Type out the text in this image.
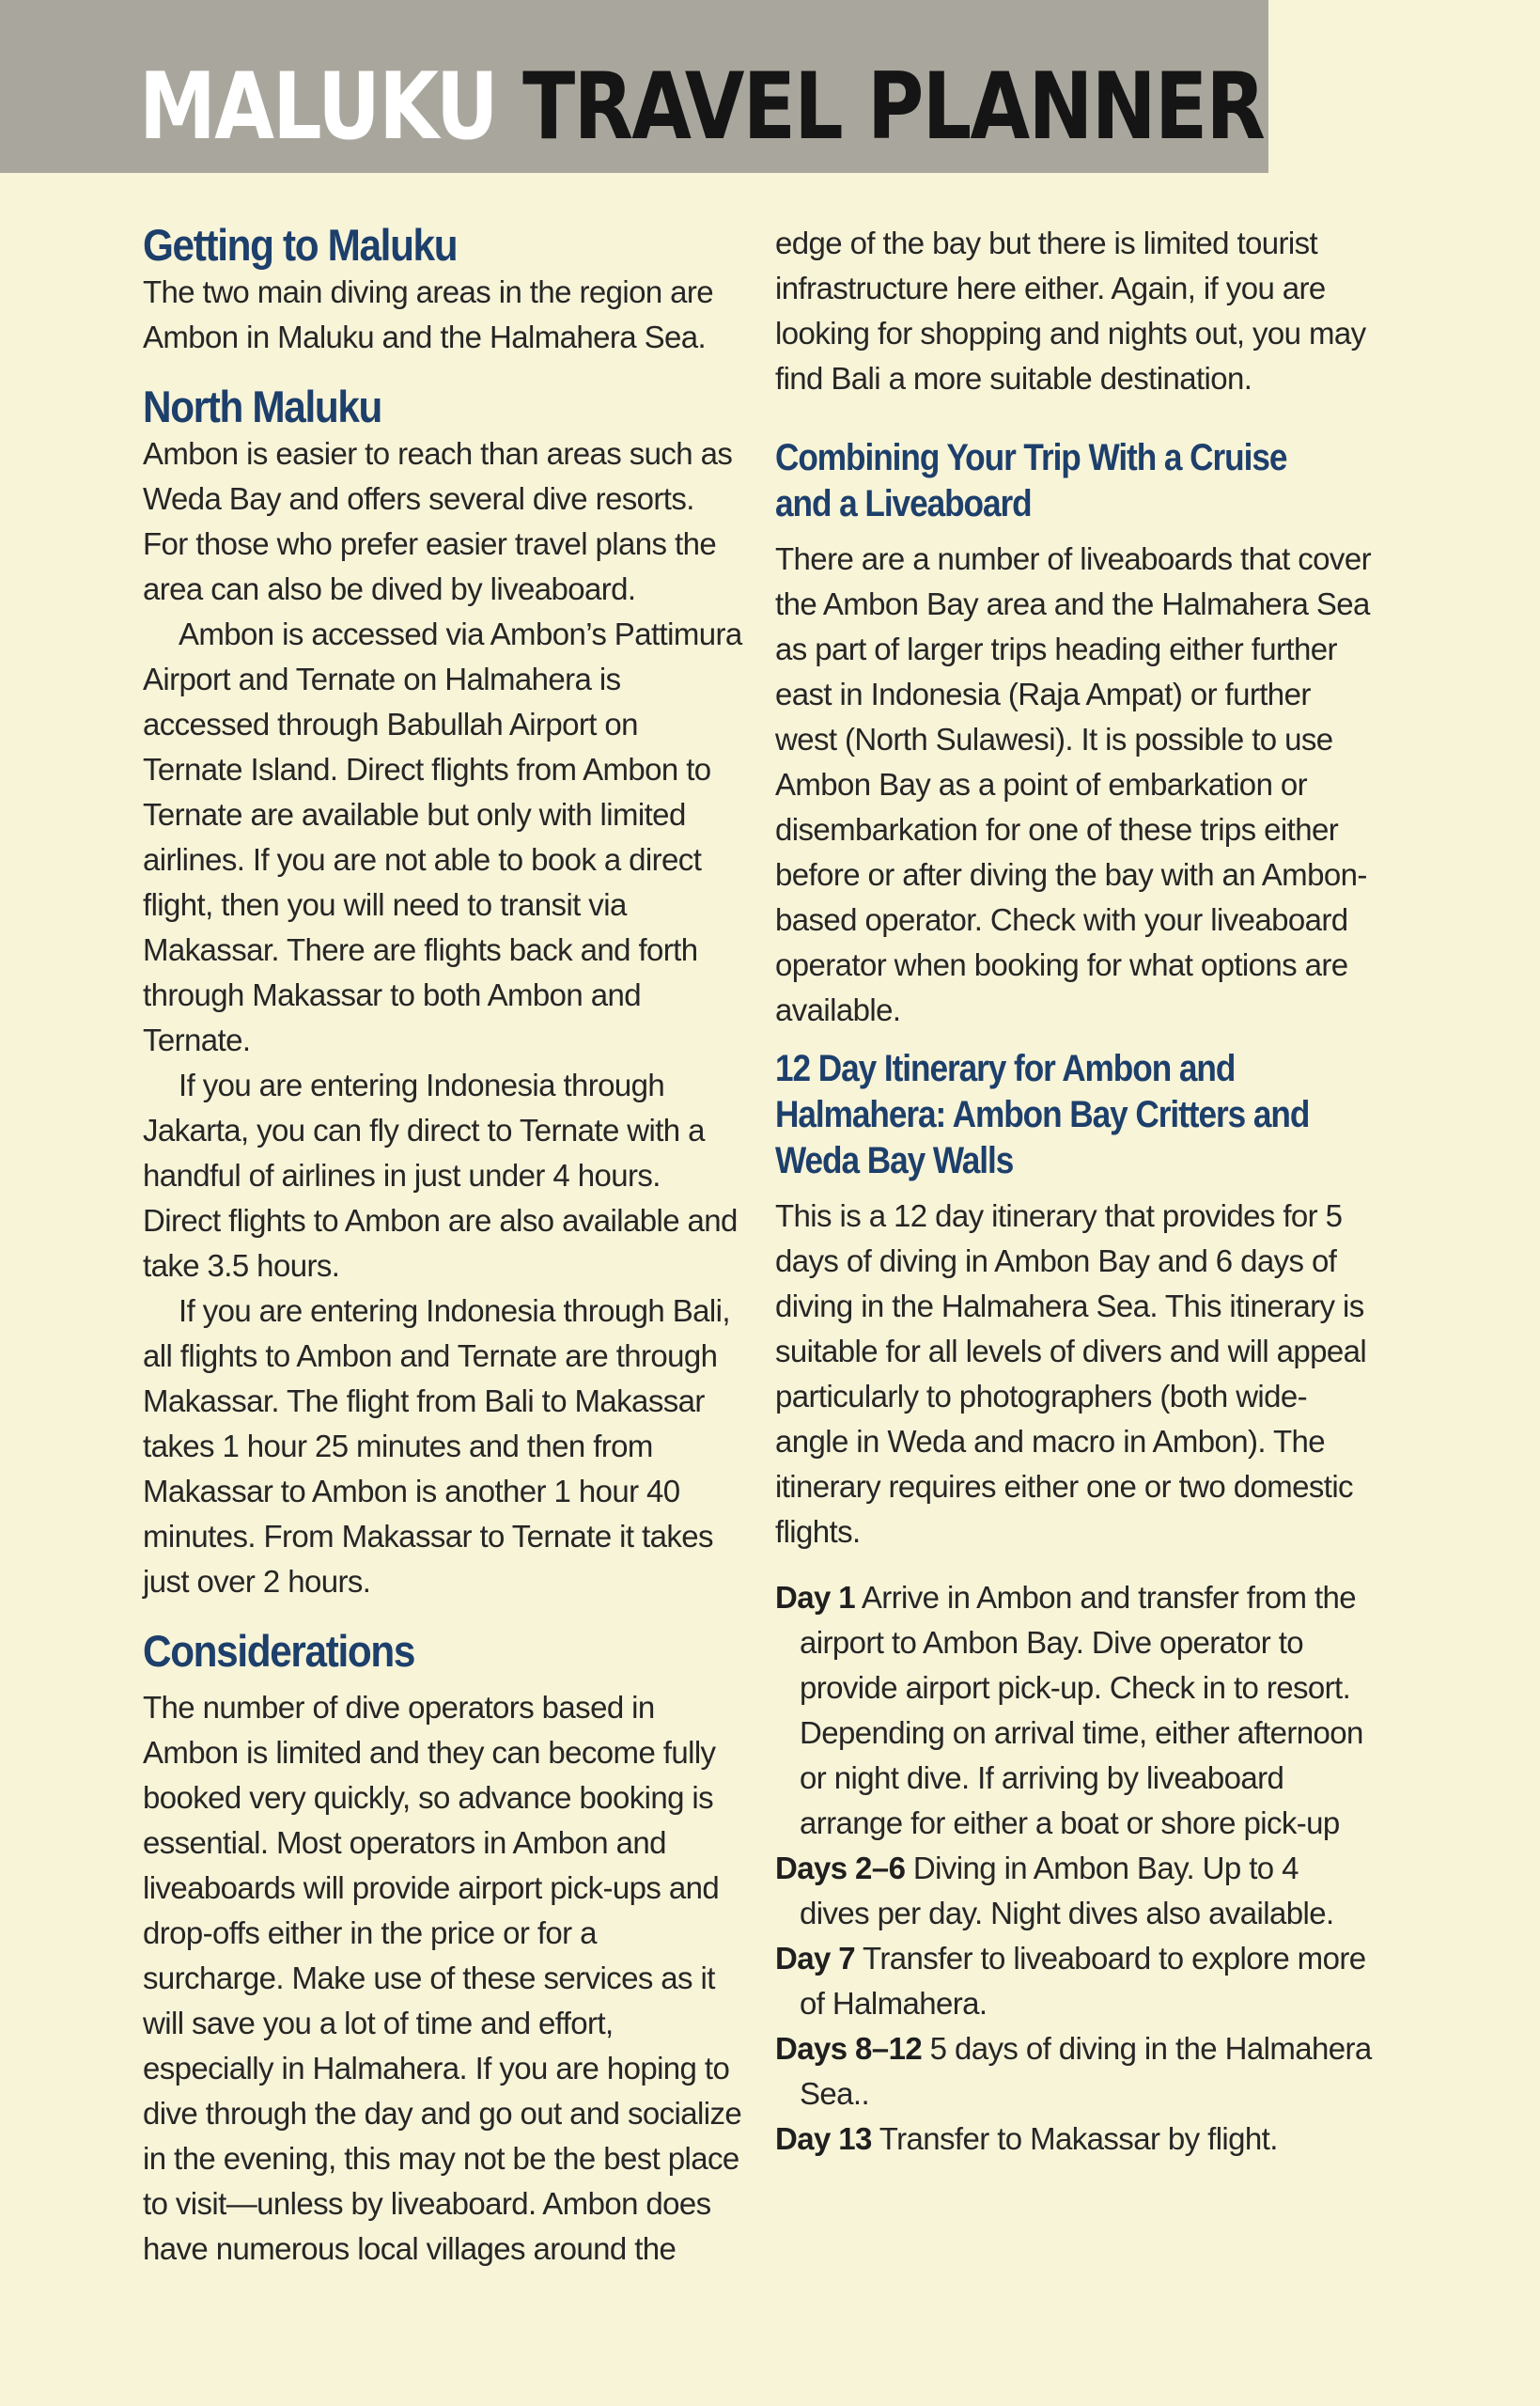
MALUKU TRAVEL PLANNER
Getting to Maluku

The two main diving areas in the region are Ambon in Maluku and the Halmahera Sea.

North Maluku

Ambon is easier to reach than areas such as Weda Bay and offers several dive resorts. For those who prefer easier travel plans the area can also be dived by liveaboard.

Ambon is accessed via Ambon’s Pattimura Airport and Ternate on Halmahera is accessed through Babullah Airport on Ternate Island. Direct flights from Ambon to Ternate are available but only with limited airlines. If you are not able to book a direct flight, then you will need to transit via Makassar. There are flights back and forth through Makassar to both Ambon and Ternate.

If you are entering Indonesia through Jakarta, you can fly direct to Ternate with a handful of airlines in just under 4 hours. Direct flights to Ambon are also available and take 3.5 hours.

If you are entering Indonesia through Bali, all flights to Ambon and Ternate are through Makassar. The flight from Bali to Makassar takes 1 hour 25 minutes and then from Makassar to Ambon is another 1 hour 40 minutes. From Makassar to Ternate it takes just over 2 hours.

Considerations

The number of dive operators based in Ambon is limited and they can become fully booked very quickly, so advance booking is essential. Most operators in Ambon and liveaboards will provide airport pick-ups and drop-offs either in the price or for a surcharge. Make use of these services as it will save you a lot of time and effort, especially in Halmahera. If you are hoping to dive through the day and go out and socialize in the evening, this may not be the best place to visit—unless by liveaboard. Ambon does have numerous local villages around the

edge of the bay but there is limited tourist infrastructure here either. Again, if you are looking for shopping and nights out, you may find Bali a more suitable destination.

Combining Your Trip With a Cruise
and a Liveaboard

There are a number of liveaboards that cover the Ambon Bay area and the Halmahera Sea as part of larger trips heading either further east in Indonesia (Raja Ampat) or further west (North Sulawesi). It is possible to use Ambon Bay as a point of embarkation or disembarkation for one of these trips either before or after diving the bay with an Ambon-based operator. Check with your liveaboard operator when booking for what options are available.

12 Day Itinerary for Ambon and
Halmahera: Ambon Bay Critters and
Weda Bay Walls

This is a 12 day itinerary that provides for 5 days of diving in Ambon Bay and 6 days of diving in the Halmahera Sea. This itinerary is suitable for all levels of divers and will appeal particularly to photographers (both wide-angle in Weda and macro in Ambon). The itinerary requires either one or two domestic flights.

Day 1 Arrive in Ambon and transfer from the airport to Ambon Bay. Dive operator to provide airport pick-up. Check in to resort. Depending on arrival time, either afternoon or night dive. If arriving by liveaboard arrange for either a boat or shore pick-up

Days 2–6 Diving in Ambon Bay. Up to 4 dives per day. Night dives also available.

Day 7 Transfer to liveaboard to explore more of Halmahera.

Days 8–12 5 days of diving in the Halmahera Sea..

Day 13 Transfer to Makassar by flight.
